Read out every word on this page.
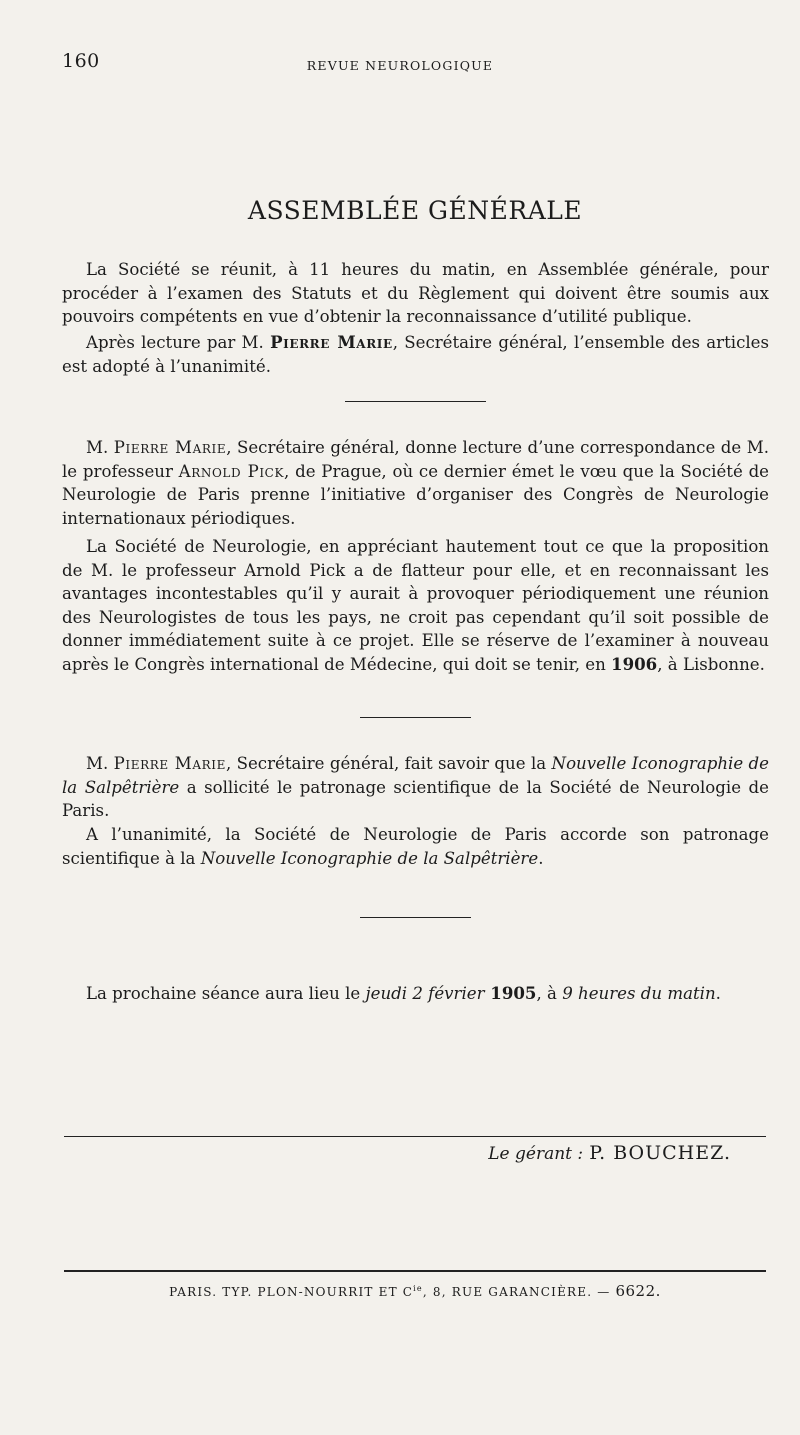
160	REVUE NEUROLOGIQUE
ASSEMBLÉE GÉNÉRALE

La Société se réunit, à 11 heures du matin, en Assemblée générale, pour procéder à l’examen des Statuts et du Règlement qui doivent être soumis aux pouvoirs compétents en vue d’obtenir la reconnaissance d’utilité publique.

Après lecture par M. Pierre Marie, Secrétaire général, l’ensemble des articles est adopté à l’unanimité.

M. Pierre Marie, Secrétaire général, donne lecture d’une correspondance de M. le professeur Arnold Pick, de Prague, où ce dernier émet le vœu que la Société de Neurologie de Paris prenne l’initiative d’organiser des Congrès de Neurologie internationaux périodiques.

La Société de Neurologie, en appréciant hautement tout ce que la proposition de M. le professeur Arnold Pick a de flatteur pour elle, et en reconnaissant les avantages incontestables qu’il y aurait à provoquer périodiquement une réunion des Neurologistes de tous les pays, ne croit pas cependant qu’il soit possible de donner immédiatement suite à ce projet. Elle se réserve de l’examiner à nouveau après le Congrès international de Médecine, qui doit se tenir, en 1906, à Lisbonne.

M. Pierre Marie, Secrétaire général, fait savoir que la Nouvelle Iconographie de la Salpêtrière a sollicité le patronage scientifique de la Société de Neurologie de Paris.

A l’unanimité, la Société de Neurologie de Paris accorde son patronage scientifique à la Nouvelle Iconographie de la Salpêtrière.

La prochaine séance aura lieu le jeudi 2 février 1905, à 9 heures du matin.
Le gérant : P. BOUCHEZ.
PARIS. TYP. PLON-NOURRIT ET $C^{ie}$, 8, RUE GARANCIÈRE. — 6622.
